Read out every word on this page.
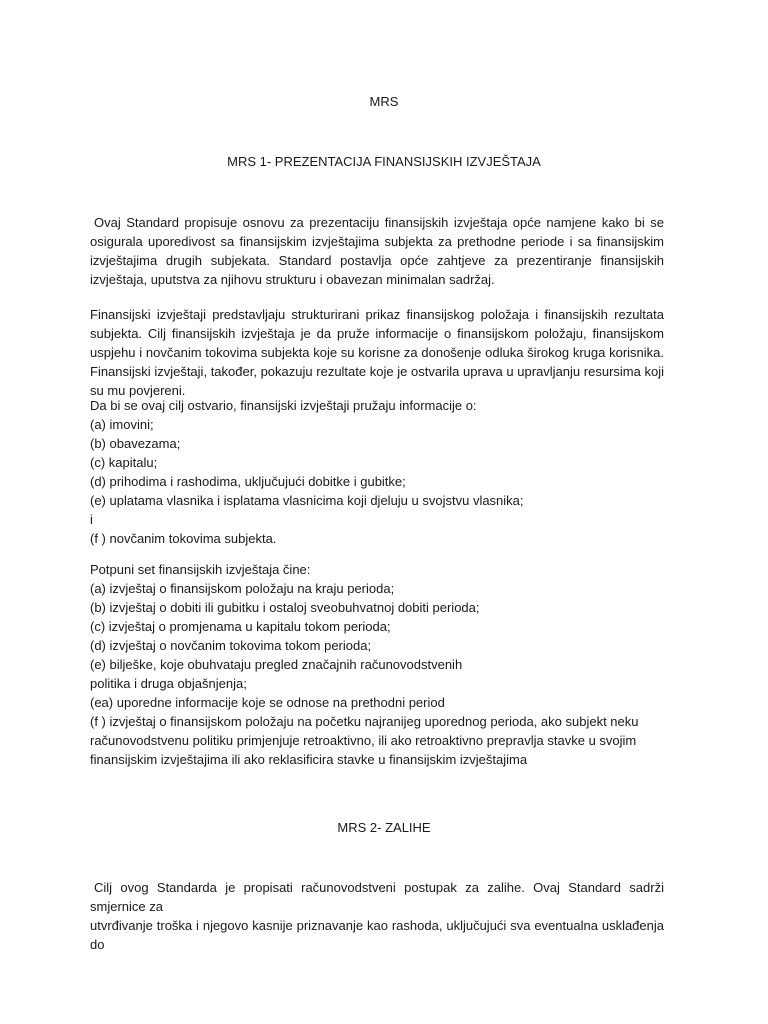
MRS
MRS 1- PREZENTACIJA FINANSIJSKIH IZVJEŠTAJA

Ovaj Standard propisuje osnovu za prezentaciju finansijskih izvještaja opće namjene kako bi se osigurala uporedivost sa finansijskim izvještajima subjekta za prethodne periode i sa finansijskim izvještajima drugih subjekata. Standard postavlja opće zahtjeve za prezentiranje finansijskih izvještaja, uputstva za njihovu strukturu i obavezan minimalan sadržaj.

Finansijski izvještaji predstavljaju strukturirani prikaz finansijskog položaja i finansijskih rezultata subjekta. Cilj finansijskih izvještaja je da pruže informacije o finansijskom položaju, finansijskom uspjehu i novčanim tokovima subjekta koje su korisne za donošenje odluka širokog kruga korisnika. Finansijski izvještaji, također, pokazuju rezultate koje je ostvarila uprava u upravljanju resursima koji su mu povjereni.

Da bi se ovaj cilj ostvario, finansijski izvještaji pružaju informacije o:

(a) imovini;
(b) obavezama;
(c) kapitalu;
(d) prihodima i rashodima, uključujući dobitke i gubitke;
(e) uplatama vlasnika i isplatama vlasnicima koji djeluju u svojstvu vlasnika;
i
(f ) novčanim tokovima subjekta.

Potpuni set finansijskih izvještaja čine:

(a) izvještaj o finansijskom položaju na kraju perioda;
(b) izvještaj o dobiti ili gubitku i ostaloj sveobuhvatnoj dobiti perioda;
(c) izvještaj o promjenama u kapitalu tokom perioda;
(d) izvještaj o novčanim tokovima tokom perioda;
(e) bilješke, koje obuhvataju pregled značajnih računovodstvenih
politika i druga objašnjenja;
(ea) uporedne informacije koje se odnose na prethodni period
(f ) izvještaj o finansijskom položaju na početku najranijeg uporednog perioda, ako subjekt neku
računovodstvenu politiku primjenjuje retroaktivno, ili ako retroaktivno prepravlja stavke u svojim
finansijskim izvještajima ili ako reklasificira stavke u finansijskim izvještajima
MRS 2- ZALIHE
Cilj ovog Standarda je propisati računovodstveni postupak za zalihe. Ovaj Standard sadrži smjernice za
utvrđivanje troška i njegovo kasnije priznavanje kao rashoda, uključujući sva eventualna usklađenja do
